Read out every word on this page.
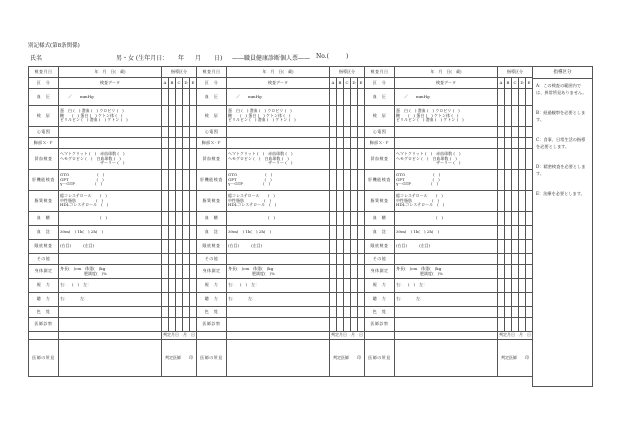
別記様式(第8条関係)
氏名	男・女 (生年月日： 年 月 日) ——職員健康診断個人票—— No.(	)
検査月日	年　月　日(　歳)	指導区分				
区　分	検査データ	A	B	C	D	E
血　圧	　　／　　mmHg					

検　尿	蛋　白 (　) 潜血 (　) ウロビリ (　)
糖　　(　) 蛋白 (　) ケトン体 (　)
ビリルビン (　) 潜血 (　) ケトン (　)					

心電図	

胸部Ｘ-Ｐ	

貧血検査	ヘマトクリット (　)　赤血球数 (　)
ヘモグロビン (　)　白血球数 (　)
　　　　　　　　　　ザーリー (　)					

肝機能検査	GTO　　　　　　　(　)
GPT　　　　　　　(　)
γ－GTP　　　　　(　)					

脂質検査	総コレステロール　　(　)
中性脂肪　　　　　(　)
HDLコレステロール　(　)					

血　糖	　　　　　　　　　　(　)					

血　沈	30m(　) 1h(　) 2h(　)					

眼底検査	(右目)　　　(左目)					

その他	

身体測定	身長(　)cm　体重(　)kg
　　　　　　肥満度(　)%					

視　力	右：　(　)　左：					

聴　力	右：　　　左：					

色　覚	

医師診察	

		判定月日　月　日				
医師の所見		判定医師　　印				
検査月日	年　月　日(　歳)	指導区分				
区　分	検査データ	A	B	C	D	E
血　圧	　　／　　mmHg					

検　尿	蛋　白 (　) 潜血 (　) ウロビリ (　)
糖　　(　) 蛋白 (　) ケトン体 (　)
ビリルビン (　) 潜血 (　) ケトン (　)					

心電図	

胸部Ｘ-Ｐ	

貧血検査	ヘマトクリット (　)　赤血球数 (　)
ヘモグロビン (　)　白血球数 (　)
　　　　　　　　　　ザーリー (　)					

肝機能検査	GTO　　　　　　　(　)
GPT　　　　　　　(　)
γ－GTP　　　　　(　)					

脂質検査	総コレステロール　　(　)
中性脂肪　　　　　(　)
HDLコレステロール　(　)					

血　糖	　　　　　　　　　　(　)					

血　沈	30m(　) 1h(　) 2h(　)					

眼底検査	(右目)　　　(左目)					

その他	

身体測定	身長(　)cm　体重(　)kg
　　　　　　肥満度(　)%					

視　力	右：　(　)　左：					

聴　力	右：　　　左：					

色　覚	

医師診察	

		判定月日　月　日				
医師の所見		判定医師　　印				
検査月日	年　月　日(　歳)	指導区分				
区　分	検査データ	A	B	C	D	E
血　圧	　　／　　mmHg					

検　尿	蛋　白 (　) 潜血 (　) ウロビリ (　)
糖　　(　) 蛋白 (　) ケトン体 (　)
ビリルビン (　) 潜血 (　) ケトン (　)					

心電図	

胸部Ｘ-Ｐ	

貧血検査	ヘマトクリット (　)　赤血球数 (　)
ヘモグロビン (　)　白血球数 (　)
　　　　　　　　　　ザーリー (　)					

肝機能検査	GTO　　　　　　　(　)
GPT　　　　　　　(　)
γ－GTP　　　　　(　)					

脂質検査	総コレステロール　　(　)
中性脂肪　　　　　(　)
HDLコレステロール　(　)					

血　糖	　　　　　　　　　　(　)					

血　沈	30m(　) 1h(　) 2h(　)					

眼底検査	(右目)　　　(左目)					

その他	

身体測定	身長(　)cm　体重(　)kg
　　　　　　肥満度(　)%					

視　力	右：　(　)　左：					

聴　力	右：　　　左：					

色　覚	

医師診察	

		判定月日　月　日				
医師の所見		判定医師　　印				
指導区分

A：この検査の範囲内では、異常所見ありません。

B：経過観察を必要とします。

C：食事、日常生活の指導を必要とします。

D：精密検査を必要とします。

E：治療を必要とします。
